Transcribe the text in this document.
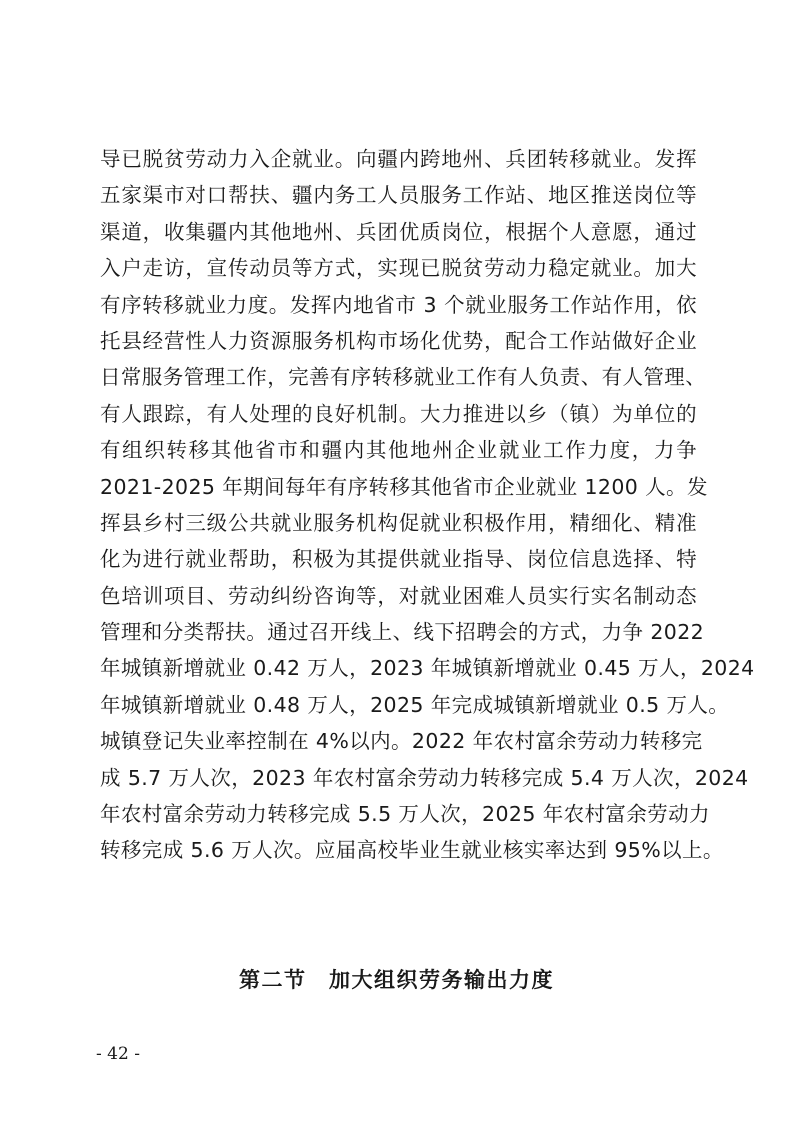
导已脱贫劳动力入企就业。向疆内跨地州、兵团转移就业。发挥
五家渠市对口帮扶、疆内务工人员服务工作站、地区推送岗位等
渠道，收集疆内其他地州、兵团优质岗位，根据个人意愿，通过
入户走访，宣传动员等方式，实现已脱贫劳动力稳定就业。加大
有序转移就业力度。发挥内地省市 3 个就业服务工作站作用，依
托县经营性人力资源服务机构市场化优势，配合工作站做好企业
日常服务管理工作，完善有序转移就业工作有人负责、有人管理、
有人跟踪，有人处理的良好机制。大力推进以乡（镇）为单位的
有组织转移其他省市和疆内其他地州企业就业工作力度，力争
2021-2025 年期间每年有序转移其他省市企业就业 1200 人。发
挥县乡村三级公共就业服务机构促就业积极作用，精细化、精准
化为进行就业帮助，积极为其提供就业指导、岗位信息选择、特
色培训项目、劳动纠纷咨询等，对就业困难人员实行实名制动态
管理和分类帮扶。通过召开线上、线下招聘会的方式，力争 2022
年城镇新增就业 0.42 万人，2023 年城镇新增就业 0.45 万人，2024
年城镇新增就业 0.48 万人，2025 年完成城镇新增就业 0.5 万人。
城镇登记失业率控制在 4%以内。2022 年农村富余劳动力转移完
成 5.7 万人次，2023 年农村富余劳动力转移完成 5.4 万人次，2024
年农村富余劳动力转移完成 5.5 万人次，2025 年农村富余劳动力
转移完成 5.6 万人次。应届高校毕业生就业核实率达到 95%以上。
第二节　加大组织劳务输出力度
- 42 -
